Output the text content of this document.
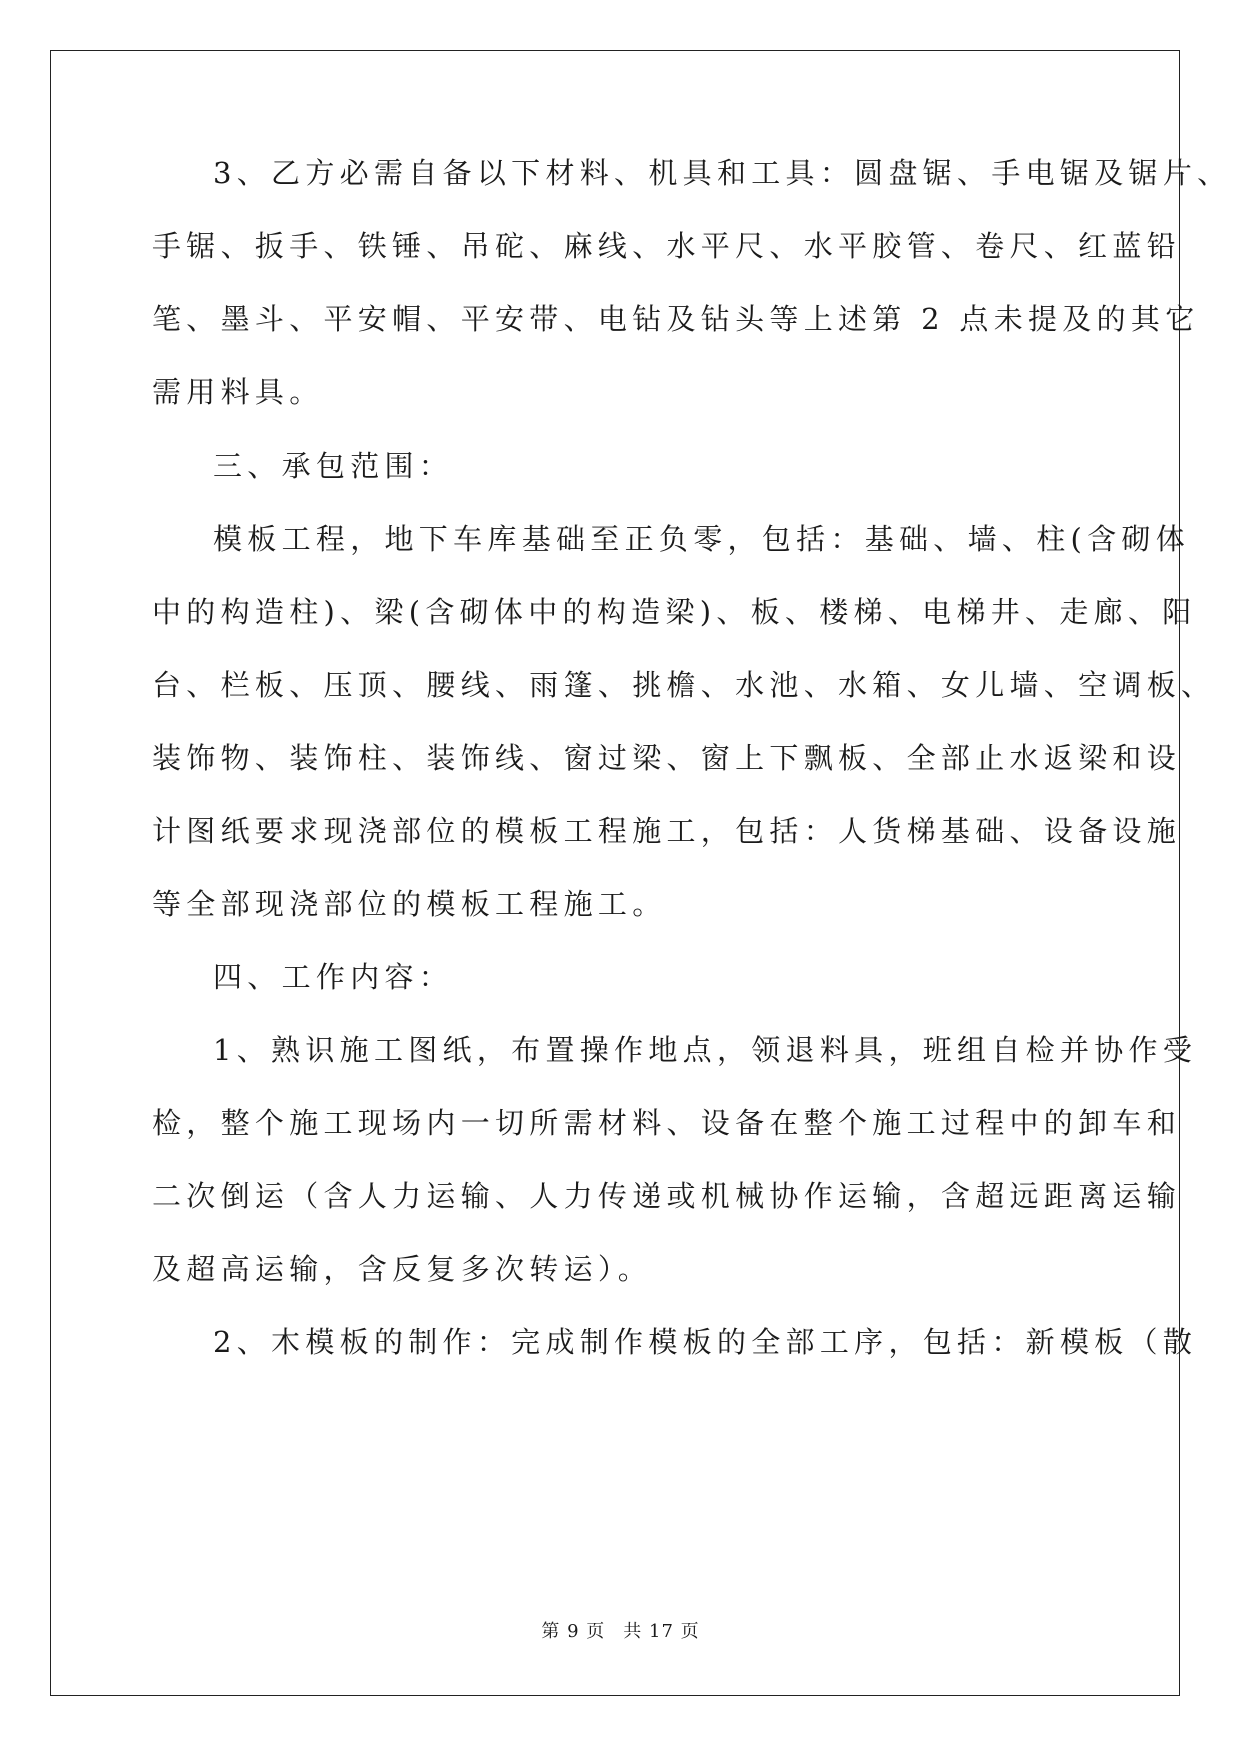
3、乙方必需自备以下材料、机具和工具：圆盘锯、手电锯及锯片、
手锯、扳手、铁锤、吊砣、麻线、水平尺、水平胶管、卷尺、红蓝铅
笔、墨斗、平安帽、平安带、电钻及钻头等上述第 2 点未提及的其它
需用料具。
三、承包范围：
模板工程，地下车库基础至正负零，包括：基础、墙、柱(含砌体
中的构造柱)、梁(含砌体中的构造梁)、板、楼梯、电梯井、走廊、阳
台、栏板、压顶、腰线、雨篷、挑檐、水池、水箱、女儿墙、空调板、
装饰物、装饰柱、装饰线、窗过梁、窗上下飘板、全部止水返梁和设
计图纸要求现浇部位的模板工程施工，包括：人货梯基础、设备设施
等全部现浇部位的模板工程施工。
四、工作内容：
1、熟识施工图纸，布置操作地点，领退料具，班组自检并协作受
检，整个施工现场内一切所需材料、设备在整个施工过程中的卸车和
二次倒运（含人力运输、人力传递或机械协作运输，含超远距离运输
及超高运输，含反复多次转运）。
2、木模板的制作：完成制作模板的全部工序，包括：新模板（散
第 9 页 共 17 页
